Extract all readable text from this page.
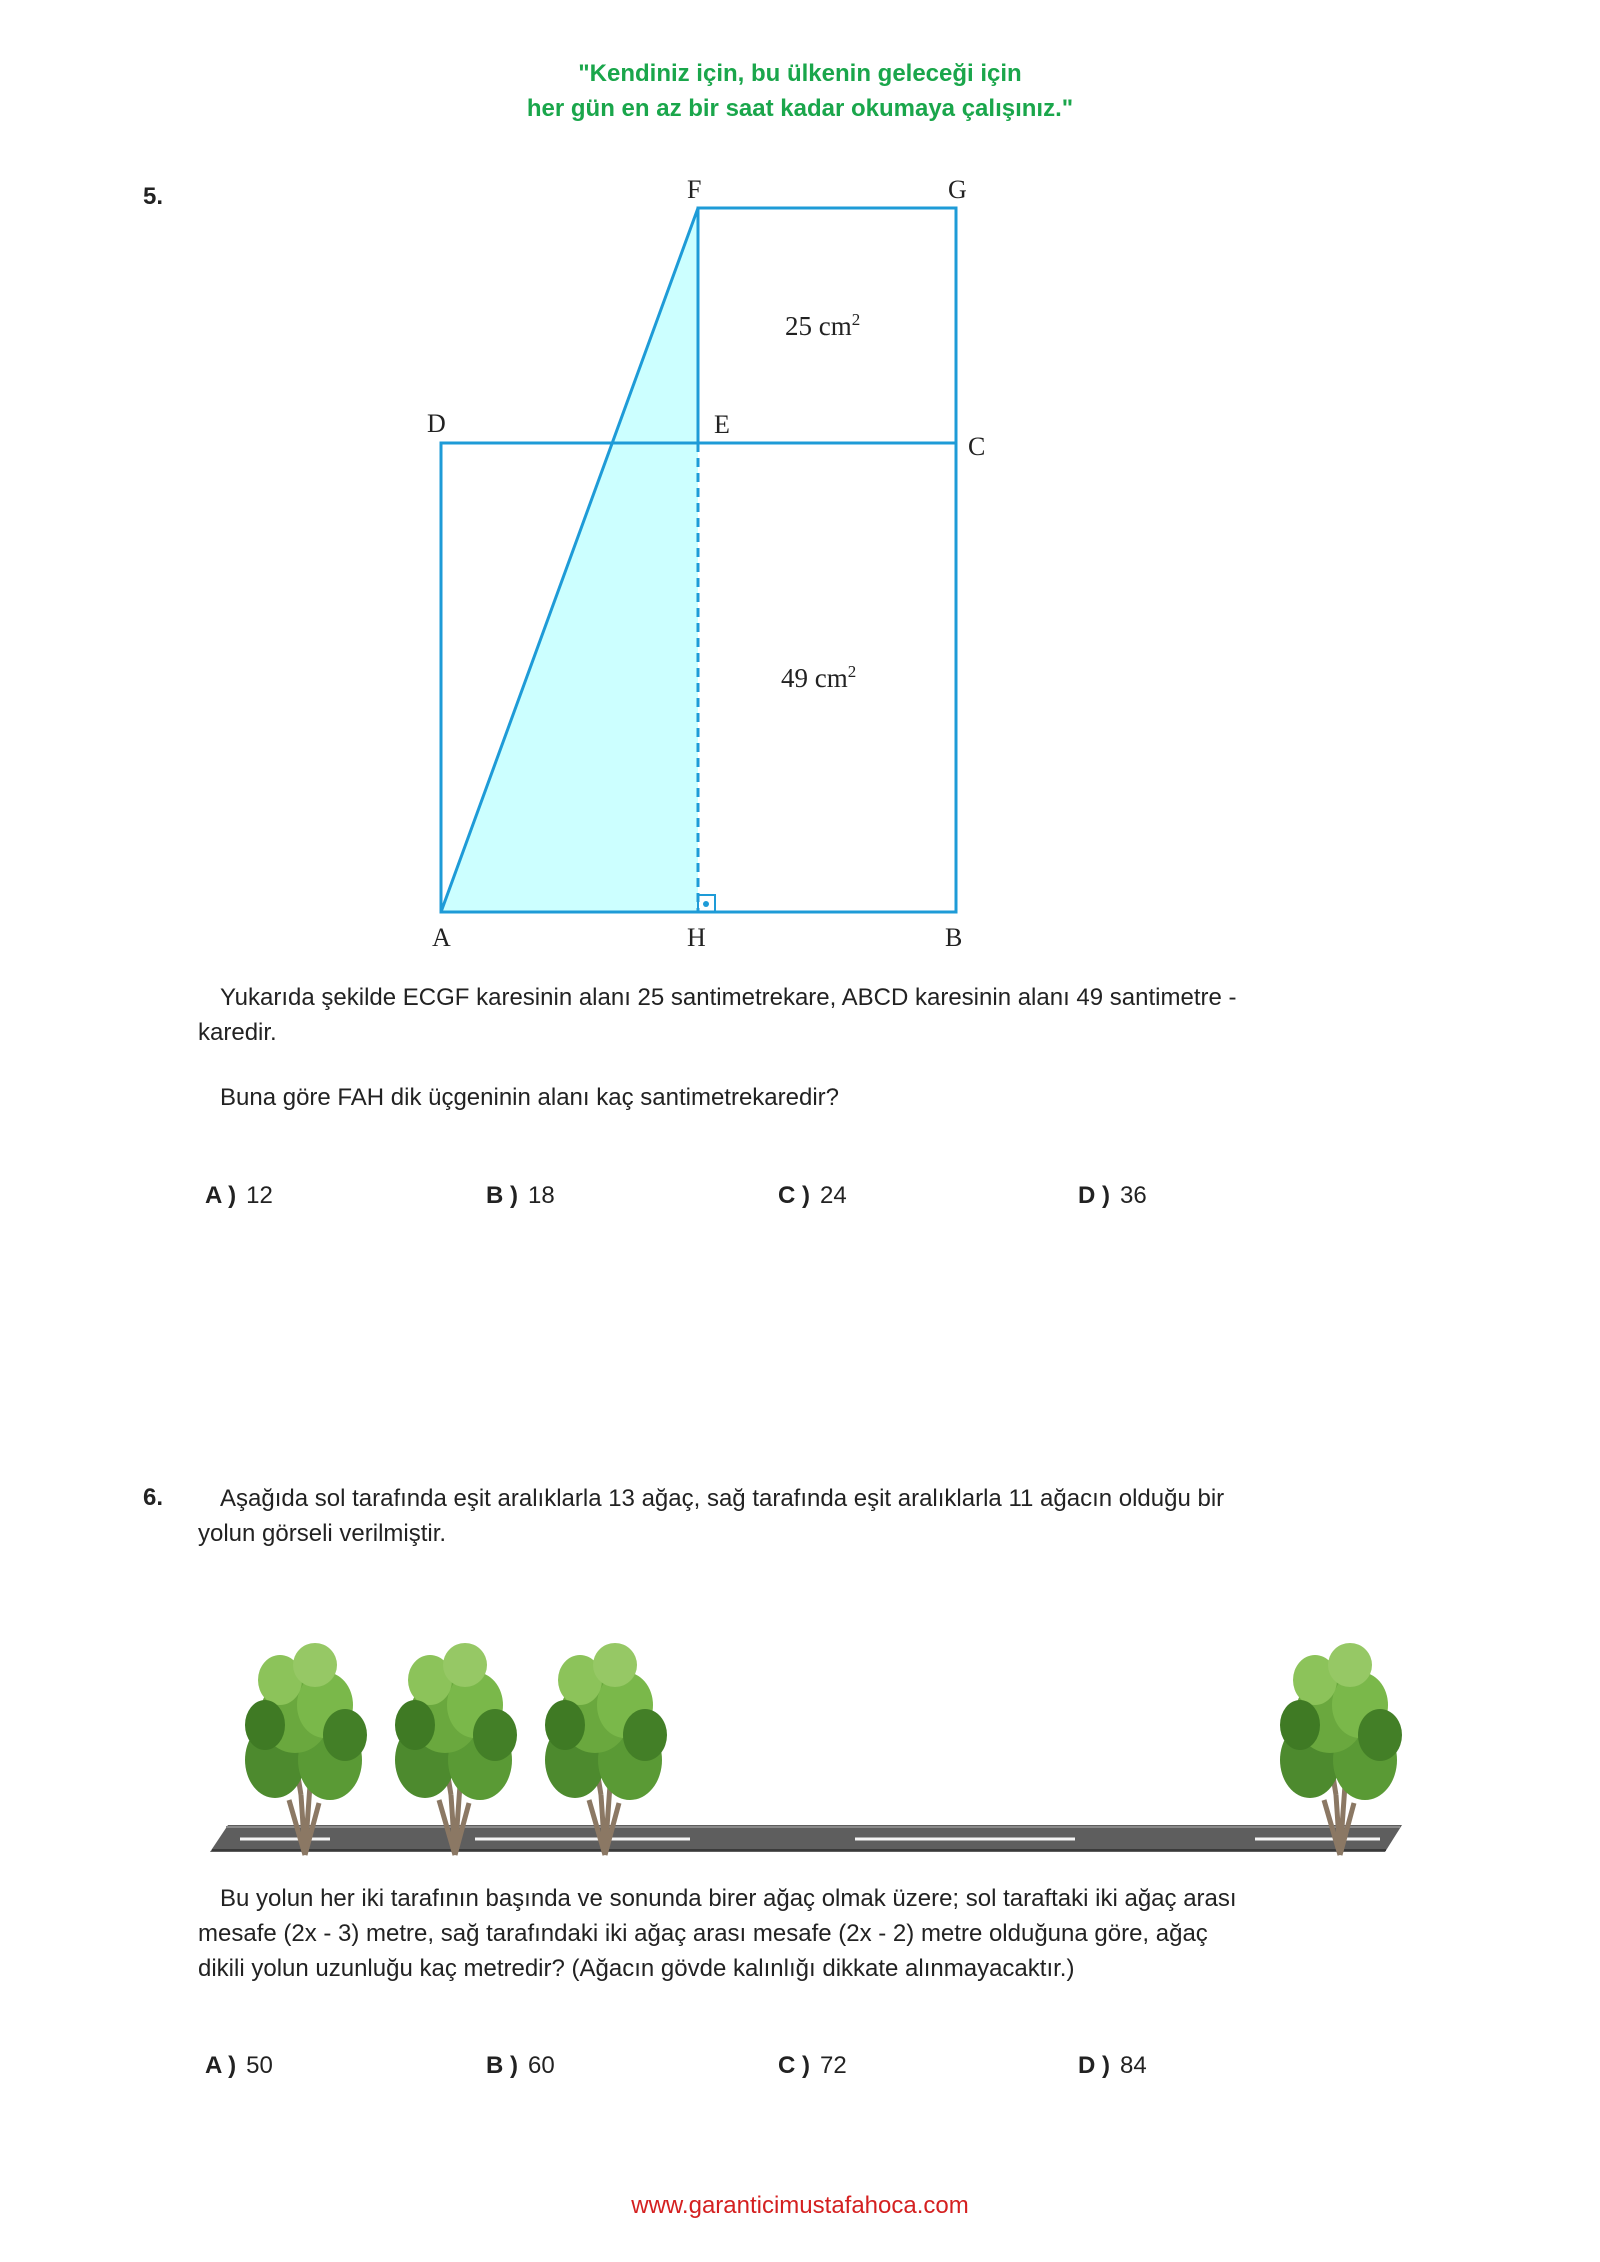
"Kendiniz için, bu ülkenin geleceği için
her gün en az bir saat kadar okumaya çalışınız."
5.	F	G
D	E
C
A	H	B
25 $cm^2$
49 $cm^2$
Yukarıda şekilde ECGF karesinin alanı 25 santimetrekare, ABCD karesinin alanı 49 santimetre -
karedir.
Buna göre FAH dik üçgeninin alanı kaç santimetrekaredir?
A ) 12	B ) 18	C ) 24	D ) 36
6.	Aşağıda sol tarafında eşit aralıklarla 13 ağaç, sağ tarafında eşit aralıklarla 11 ağacın olduğu bir
yolun görseli verilmiştir.
Bu yolun her iki tarafının başında ve sonunda birer ağaç olmak üzere; sol taraftaki iki ağaç arası
mesafe (2x - 3) metre, sağ tarafındaki iki ağaç arası mesafe (2x - 2) metre olduğuna göre, ağaç
dikili yolun uzunluğu kaç metredir? (Ağacın gövde kalınlığı dikkate alınmayacaktır.)
A ) 50	B ) 60	C ) 72	D ) 84
www.garanticimustafahoca.com
